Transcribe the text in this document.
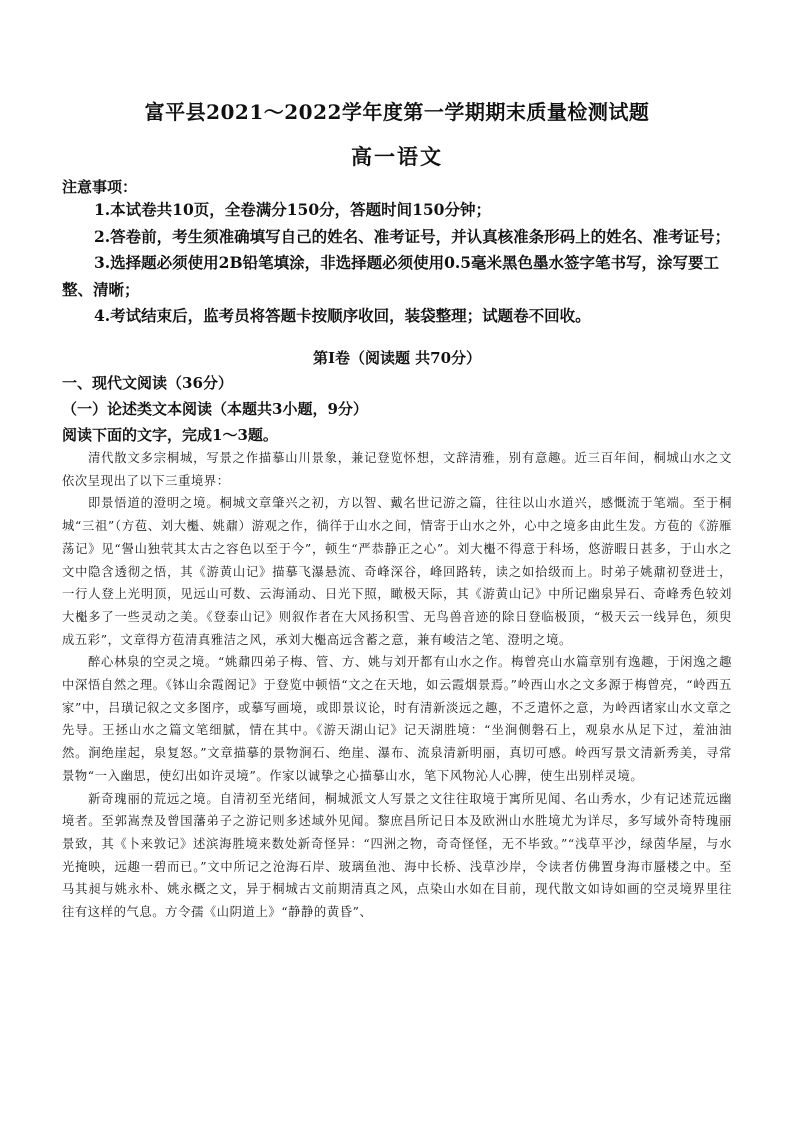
富平县2021～2022学年度第一学期期末质量检测试题
高一语文
注意事项：

1.本试卷共10页，全卷满分150分，答题时间150分钟；

2.答卷前，考生须准确填写自己的姓名、准考证号，并认真核准条形码上的姓名、准考证号；

3.选择题必须使用2B铅笔填涂，非选择题必须使用0.5毫米黑色墨水签字笔书写，涂写要工整、清晰；

4.考试结束后，监考员将答题卡按顺序收回，装袋整理；试题卷不回收。

第Ⅰ卷（阅读题 共70分）
一、现代文阅读（36分）
（一）论述类文本阅读（本题共3小题，9分）
阅读下面的文字，完成1～3题。

清代散文多宗桐城，写景之作描摹山川景象，兼记登览怀想，文辞清雅，别有意趣。近三百年间，桐城山水之文依次呈现出了以下三重境界：

即景悟道的澄明之境。桐城文章肇兴之初，方以智、戴名世记游之篇，往往以山水道兴，感慨流于笔端。至于桐城“三祖”（方苞、刘大櫆、姚鼐）游观之作，徜徉于山水之间，情寄于山水之外，心中之境多由此生发。方苞的《游雁荡记》见“諐山独茕其太古之容色以至于今”，顿生“严恭静正之心”。刘大櫆不得意于科场，悠游暇日甚多，于山水之文中隐含透彻之悟，其《游黄山记》描摹飞瀑悬流、奇峰深谷，峰回路转，读之如拾级而上。时弟子姚鼐初登进士，一行人登上光明顶，见远山可数、云海涌动、日光下照，瞰极天际，其《游黄山记》中所记幽泉异石、奇峰秀色较刘大櫆多了一些灵动之美。《登泰山记》则叙作者在大风扬积雪、无鸟兽音迹的除日登临极顶，“极天云一线异色，须臾成五彩”，文章得方苞清真雅洁之风，承刘大櫆高远含蓄之意，兼有峻洁之笔、澄明之境。

醉心林泉的空灵之境。“姚鼐四弟子梅、管、方、姚与刘开都有山水之作。梅曾亮山水篇章别有逸趣，于闲逸之趣中深悟自然之理。《钵山余霞阁记》于登览中顿悟“文之在天地，如云霞烟景焉。”岭西山水之文多源于梅曾亮，“岭西五家”中，吕璜记叙之文多图序，或摹写画境，或即景议论，时有清新淡远之趣，不乏遣怀之意，为岭西诸家山水文章之先导。王拯山水之篇文笔细腻，情在其中。《游天湖山记》记天湖胜境：“坐涧侧磐石上，观泉水从足下过，羞油油然。涧绝崖起，泉复怒。”文章描摹的景物涧石、绝崖、瀑布、流泉清新明丽，真切可感。岭西写景文清新秀美，寻常景物“一入幽思，使幻出如许灵境”。作家以诚挚之心描摹山水，笔下风物沁人心脾，使生出别样灵境。

新奇瑰丽的荒远之境。自清初至光绪间，桐城派文人写景之文往往取境于寓所见闻、名山秀水，少有记述荒远幽境者。至郭嵩焘及曾国藩弟子之游记则多述域外见闻。黎庶昌所记日本及欧洲山水胜境尤为详尽，多写域外奇特瑰丽景致，其《卜来敦记》述滨海胜境来数处新奇怪异：“四洲之物，奇奇怪怪，无不毕致。”“浅草平沙，绿茵华屋，与水光掩映，远趣一碧而已。”文中所记之沧海石岸、玻璃鱼池、海中长桥、浅草沙岸，令读者仿佛置身海市蜃楼之中。至马其昶与姚永朴、姚永概之文，异于桐城古文前期清真之风，点染山水如在目前，现代散文如诗如画的空灵境界里往往有这样的气息。方令孺《山阴道上》“静静的黄昏”、
